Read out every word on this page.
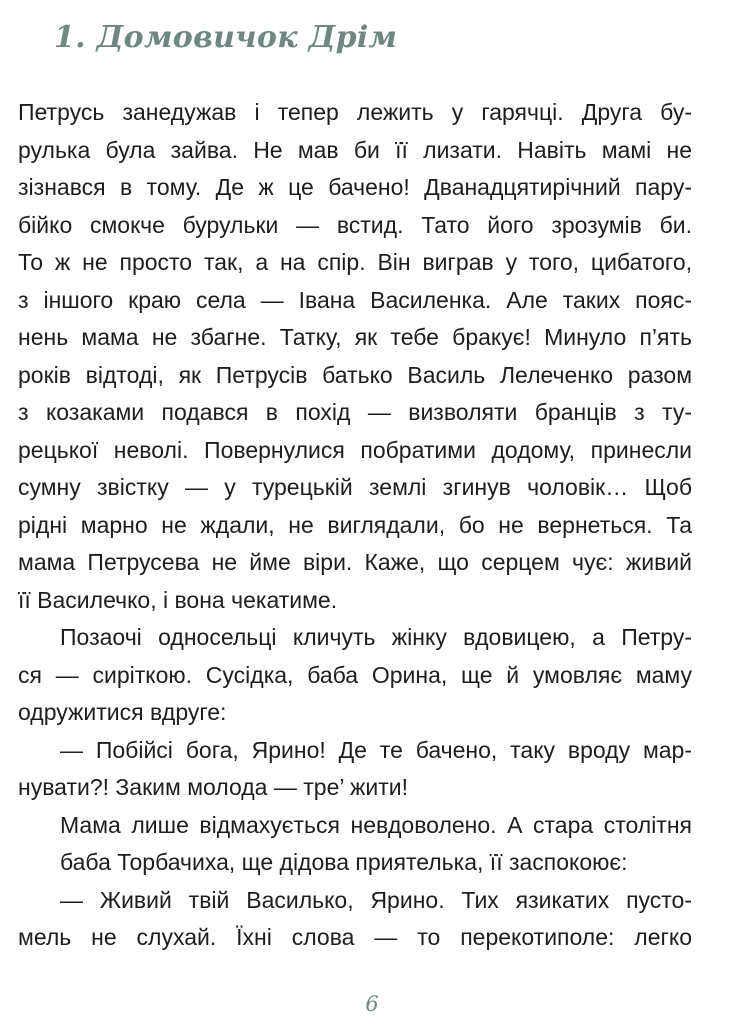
1. Домовичок Дрім
Петрусь занедужав і тепер лежить у гарячці. Друга бу-
рулька була зайва. Не мав би її лизати. Навіть мамі не
зізнався в тому. Де ж це бачено! Дванадцятирічний пару-
бійко смокче бурульки — встид. Тато його зрозумів би.
То ж не просто так, а на спір. Він виграв у того, цибатого,
з іншого краю села — Івана Василенка. Але таких пояс-
нень мама не збагне. Татку, як тебе бракує! Минуло п’ять
років відтоді, як Петрусів батько Василь Лелеченко разом
з козаками подався в похід — визволяти бранців з ту-
рецької неволі. Повернулися побратими додому, принесли
сумну звістку — у турецькій землі згинув чоловік… Щоб
рідні марно не ждали, не виглядали, бо не вернеться. Та
мама Петрусева не йме віри. Каже, що серцем чує: живий
її Василечко, і вона чекатиме.
Позаочі односельці кличуть жінку вдовицею, а Петру-
ся — сиріткою. Сусідка, баба Орина, ще й умовляє маму
одружитися вдруге:
— Побійсі бога, Ярино! Де те бачено, таку вроду мар-
нувати?! Заким молода — тре’ жити!
Мама лише відмахується невдоволено. А стара столітня
баба Торбачиха, ще дідова приятелька, її заспокоює:
— Живий твій Василько, Ярино. Тих язикатих пусто-
мель не слухай. Їхні слова — то перекотиполе: легко
6
